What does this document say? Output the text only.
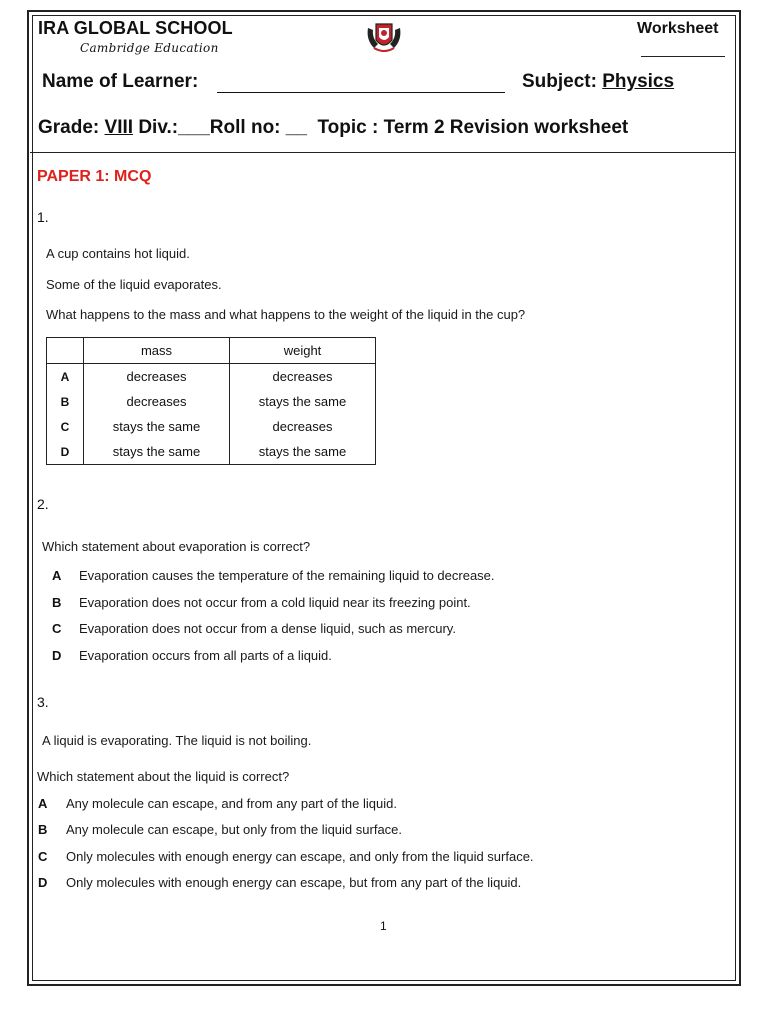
IRA GLOBAL SCHOOL
Cambridge Education
Worksheet
Name of Learner:	Subject: Physics
Grade: VIII Div.:___Roll no: __ Topic : Term 2 Revision worksheet
PAPER 1: MCQ
1.
A cup contains hot liquid.
Some of the liquid evaporates.
What happens to the mass and what happens to the weight of the liquid in the cup?
	mass	weight
A	decreases	decreases
B	decreases	stays the same
C	stays the same	decreases
D	stays the same	stays the same
2.
Which statement about evaporation is correct?
A Evaporation causes the temperature of the remaining liquid to decrease.
B Evaporation does not occur from a cold liquid near its freezing point.
C Evaporation does not occur from a dense liquid, such as mercury.
D Evaporation occurs from all parts of a liquid.
3.
A liquid is evaporating. The liquid is not boiling.
Which statement about the liquid is correct?
A Any molecule can escape, and from any part of the liquid.
B Any molecule can escape, but only from the liquid surface.
C Only molecules with enough energy can escape, and only from the liquid surface.
D Only molecules with enough energy can escape, but from any part of the liquid.
1
